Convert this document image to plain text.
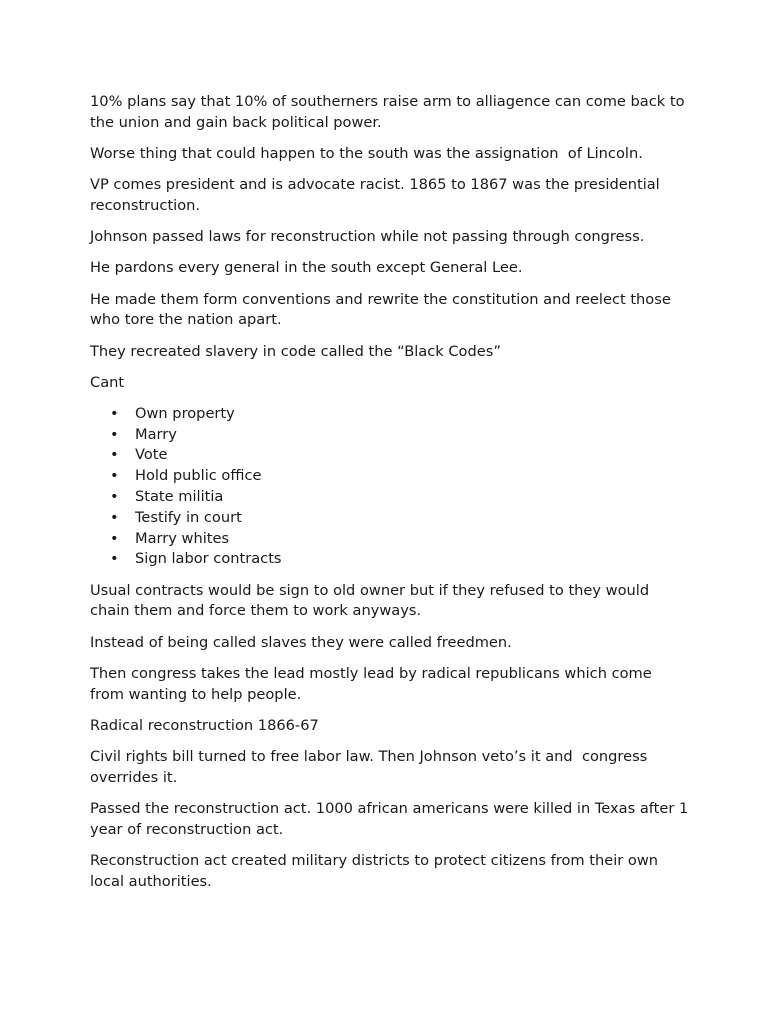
10% plans say that 10% of southerners raise arm to alliagence can come back to the union and gain back political power.

Worse thing that could happen to the south was the assignation  of Lincoln.

VP comes president and is advocate racist. 1865 to 1867 was the presidential reconstruction.

Johnson passed laws for reconstruction while not passing through congress.

He pardons every general in the south except General Lee.

He made them form conventions and rewrite the constitution and reelect those who tore the nation apart.

They recreated slavery in code called the “Black Codes”

Cant

• Own property
• Marry
• Vote
• Hold public office
• State militia
• Testify in court
• Marry whites
• Sign labor contracts

Usual contracts would be sign to old owner but if they refused to they would chain them and force them to work anyways.

Instead of being called slaves they were called freedmen.

Then congress takes the lead mostly lead by radical republicans which come from wanting to help people.

Radical reconstruction 1866-67

Civil rights bill turned to free labor law. Then Johnson veto’s it and  congress overrides it.

Passed the reconstruction act. 1000 african americans were killed in Texas after 1 year of reconstruction act.

Reconstruction act created military districts to protect citizens from their own local authorities.
